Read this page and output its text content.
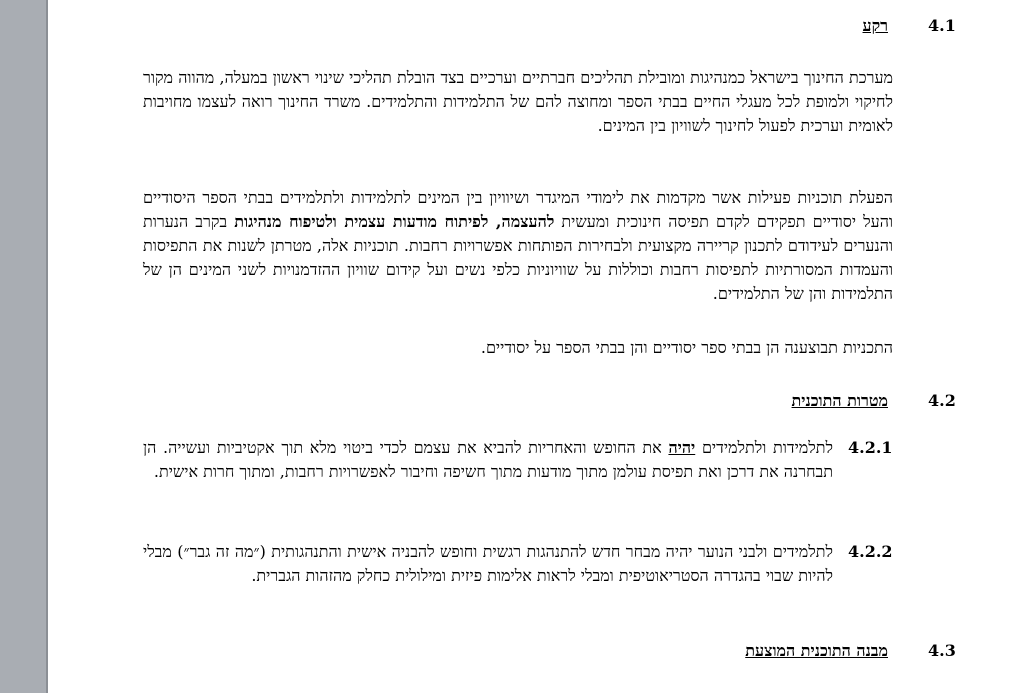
4.1
רקע
מערכת החינוך בישראל כמנהיגות ומובילת תהליכים חברתיים וערכיים בצד הובלת תהליכי שינוי ראשון במעלה, מהווה מקור לחיקוי ולמופת לכל מעגלי החיים בבתי הספר ומחוצה להם של התלמידות והתלמידים. משרד החינוך רואה לעצמו מחויבות לאומית וערכית לפעול לחינוך לשוויון בין המינים.
הפעלת תוכניות פעילות אשר מקדמות את לימודי המיגדר ושיוויון בין המינים לתלמידות ולתלמידים בבתי הספר היסודיים והעל יסודיים תפקידם לקדם תפיסה חינוכית ומעשית להעצמה, לפיתוח מודעות עצמית ולטיפוח מנהיגות בקרב הנערות והנערים לעידודם לתכנון קריירה מקצועית ולבחירות הפותחות אפשרויות רחבות. תוכניות אלה, מטרתן לשנות את התפיסות והעמדות המסורתיות לתפיסות רחבות וכוללות על שוויוניות כלפי נשים ועל קידום שוויון ההזדמנויות לשני המינים הן של התלמידות והן של התלמידים.
התכניות תבוצענה הן בבתי ספר יסודיים והן בבתי הספר על יסודיים.
4.2
מטרות התוכנית
4.2.1
לתלמידות ולתלמידים יהיה את החופש והאחריות להביא את עצמם לכדי ביטוי מלא תוך אקטיביות ועשייה. הן תבחרנה את דרכן ואת תפיסת עולמן מתוך מודעות מתוך חשיפה וחיבור לאפשרויות רחבות, ומתוך חרות אישית.
4.2.2
לתלמידים ולבני הנוער יהיה מבחר חדש להתנהגות רגשית וחופש להבניה אישית והתנהגותית (״מה זה גבר״) מבלי להיות שבוי בהגדרה הסטריאוטיפית ומבלי לראות אלימות פיזית ומילולית כחלק מהזהות הגברית.
4.3
מבנה התוכנית המוצעת
